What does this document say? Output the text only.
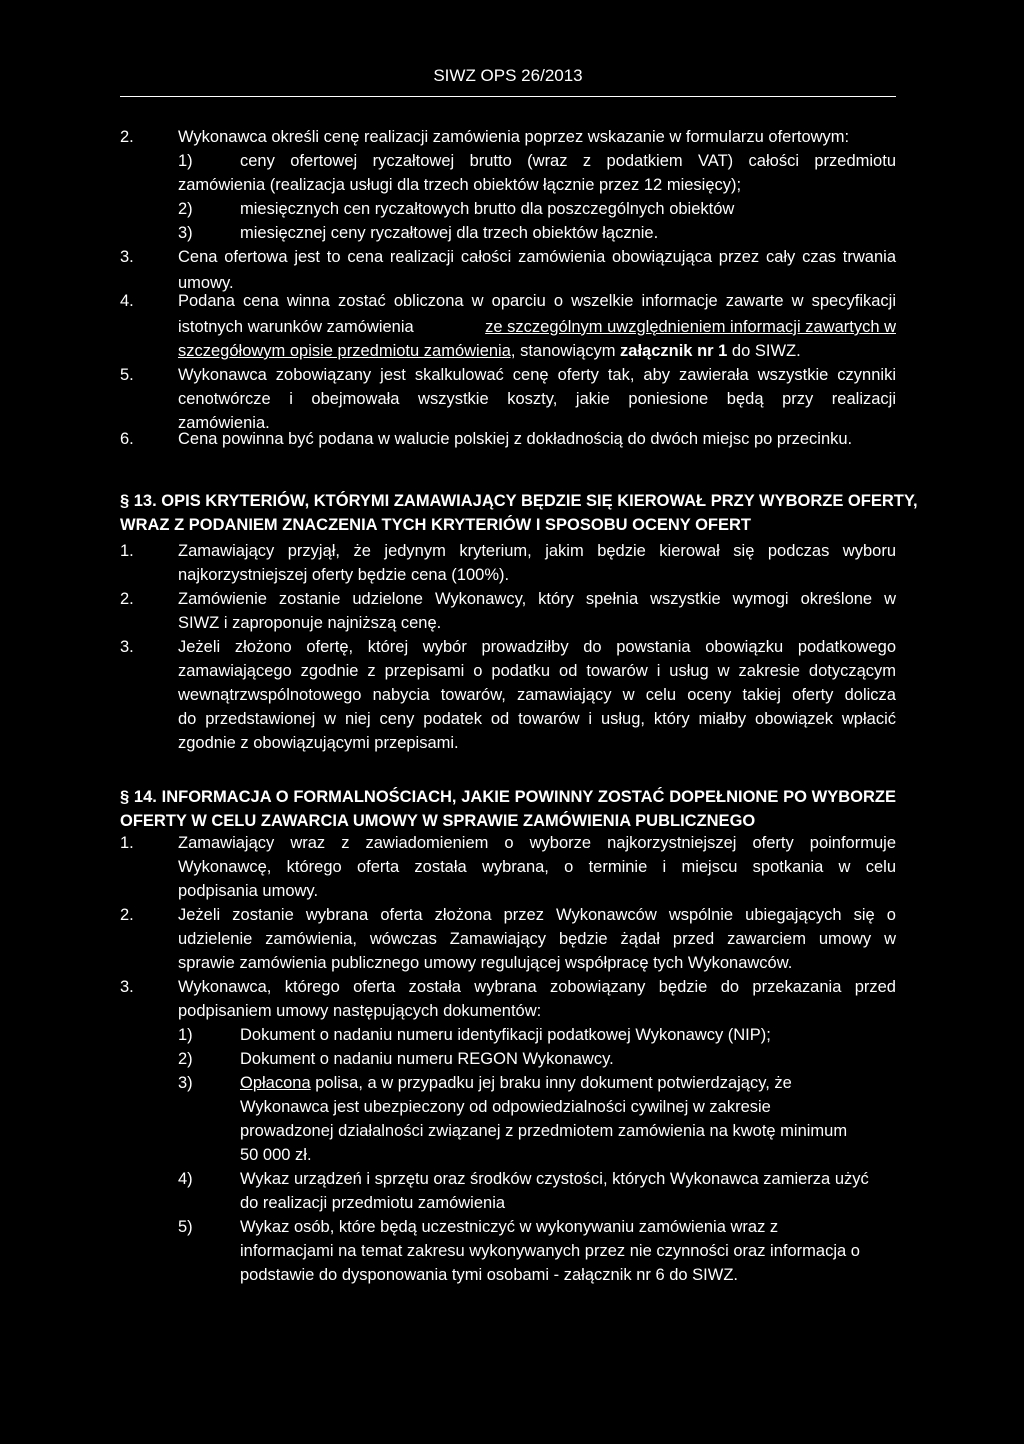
SIWZ OPS 26/2013
2.	Wykonawca określi cenę realizacji zamówienia poprzez wskazanie w formularzu ofertowym:
1)	ceny ofertowej ryczałtowej brutto (wraz z podatkiem VAT) całości przedmiotu
zamówienia (realizacja usługi dla trzech obiektów łącznie przez 12 miesięcy);
2)	miesięcznych cen ryczałtowych brutto dla poszczególnych obiektów
3)	miesięcznej ceny ryczałtowej dla trzech obiektów łącznie.
3.	Cena ofertowa jest to cena realizacji całości zamówienia obowiązująca przez cały czas trwania
umowy.
4.	Podana cena winna zostać obliczona w oparciu o wszelkie informacje zawarte w specyfikacji
istotnych warunków zamówienia	ze szczególnym uwzględnieniem informacji zawartych w
szczegółowym opisie przedmiotu zamówienia, stanowiącym załącznik nr 1 do SIWZ.
5.	Wykonawca zobowiązany jest skalkulować cenę oferty tak, aby zawierała wszystkie czynniki
cenotwórcze i obejmowała wszystkie koszty, jakie poniesione będą przy realizacji
zamówienia.
6.	Cena powinna być podana w walucie polskiej z dokładnością do dwóch miejsc po przecinku.
§ 13. OPIS KRYTERIÓW, KTÓRYMI ZAMAWIAJĄCY BĘDZIE SIĘ KIEROWAŁ PRZY WYBORZE OFERTY,
WRAZ Z PODANIEM ZNACZENIA TYCH KRYTERIÓW I SPOSOBU OCENY OFERT
1.	Zamawiający przyjął, że jedynym kryterium, jakim będzie kierował się podczas wyboru
najkorzystniejszej oferty będzie cena (100%).
2.	Zamówienie zostanie udzielone Wykonawcy, który spełnia wszystkie wymogi określone w
SIWZ i zaproponuje najniższą cenę.
3.	Jeżeli złożono ofertę, której wybór prowadziłby do powstania obowiązku podatkowego
zamawiającego zgodnie z przepisami o podatku od towarów i usług w zakresie dotyczącym
wewnątrzwspólnotowego nabycia towarów, zamawiający w celu oceny takiej oferty dolicza
do przedstawionej w niej ceny podatek od towarów i usług, który miałby obowiązek wpłacić
zgodnie z obowiązującymi przepisami.
§ 14. INFORMACJA O FORMALNOŚCIACH, JAKIE POWINNY ZOSTAĆ DOPEŁNIONE PO WYBORZE
OFERTY W CELU ZAWARCIA UMOWY W SPRAWIE ZAMÓWIENIA PUBLICZNEGO
1.	Zamawiający wraz z zawiadomieniem o wyborze najkorzystniejszej oferty poinformuje
Wykonawcę, którego oferta została wybrana, o terminie i miejscu spotkania w celu
podpisania umowy.
2.	Jeżeli zostanie wybrana oferta złożona przez Wykonawców wspólnie ubiegających się o
udzielenie zamówienia, wówczas Zamawiający będzie żądał przed zawarciem umowy w
sprawie zamówienia publicznego umowy regulującej współpracę tych Wykonawców.
3.	Wykonawca, którego oferta została wybrana zobowiązany będzie do przekazania przed
podpisaniem umowy następujących dokumentów:
1)	Dokument o nadaniu numeru identyfikacji podatkowej Wykonawcy (NIP);
2)	Dokument o nadaniu numeru REGON Wykonawcy.
3)	Opłacona polisa, a w przypadku jej braku inny dokument potwierdzający, że
Wykonawca jest ubezpieczony od odpowiedzialności cywilnej w zakresie
prowadzonej działalności związanej z przedmiotem zamówienia na kwotę minimum
50 000 zł.
4)	Wykaz urządzeń i sprzętu oraz środków czystości, których Wykonawca zamierza użyć
do realizacji przedmiotu zamówienia
5)	Wykaz osób, które będą uczestniczyć w wykonywaniu zamówienia wraz z
informacjami na temat zakresu wykonywanych przez nie czynności oraz informacja o
podstawie do dysponowania tymi osobami - załącznik nr 6 do SIWZ.
